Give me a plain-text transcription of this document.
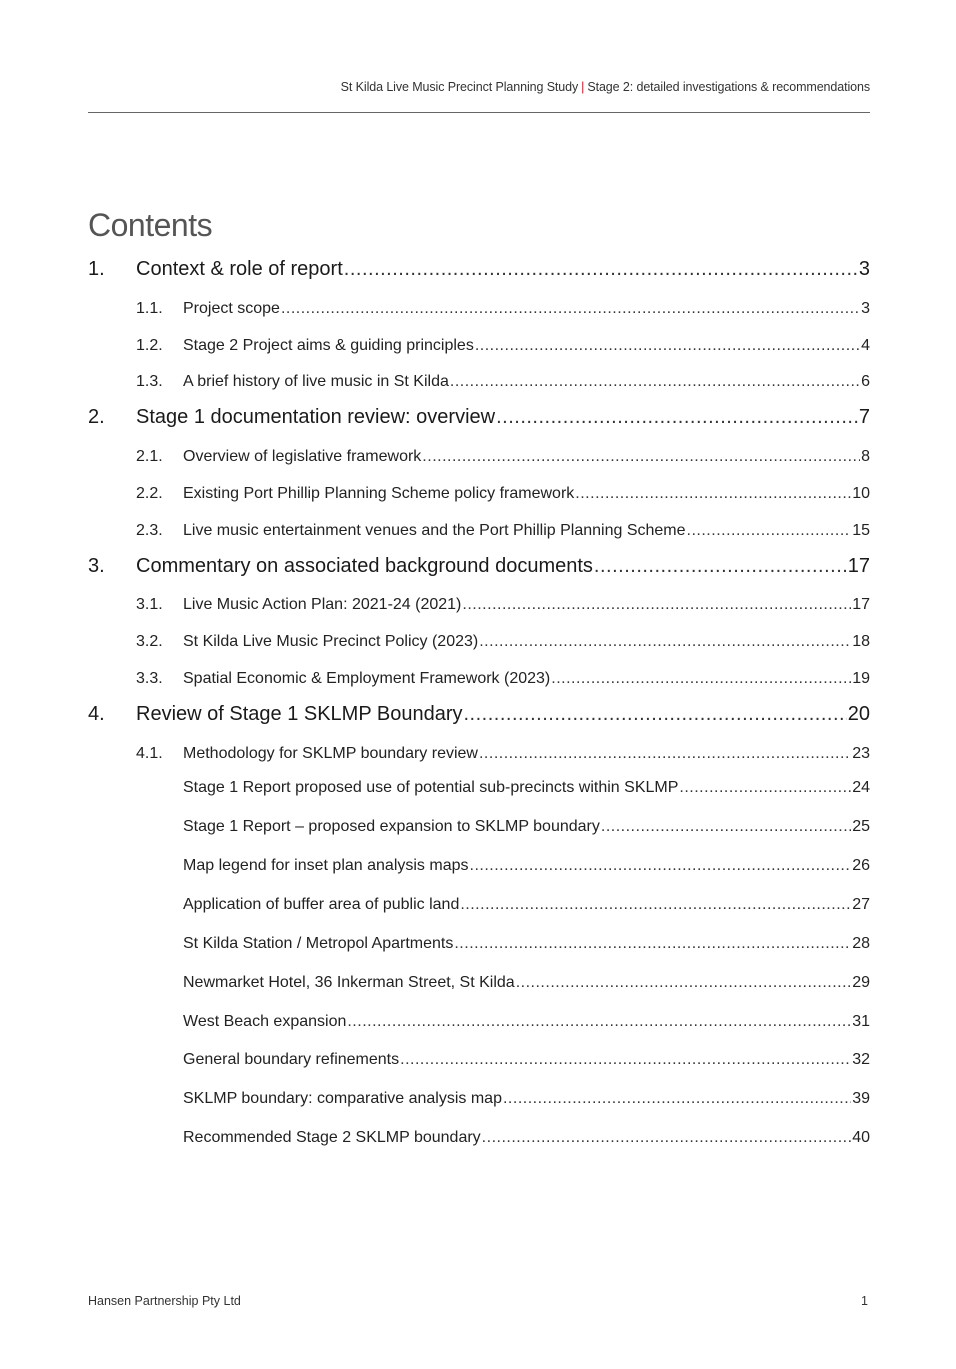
St Kilda Live Music Precinct Planning Study | Stage 2: detailed investigations & recommendations
Contents
1.	Context & role of report .....	3
1.1.	Project scope .....	3
1.2.	Stage 2 Project aims & guiding principles .....	4
1.3.	A brief history of live music in St Kilda .....	6
2.	Stage 1 documentation review: overview .....	7
2.1.	Overview of legislative framework .....	8
2.2.	Existing Port Phillip Planning Scheme policy framework .....	10
2.3.	Live music entertainment venues and the Port Phillip Planning Scheme .....	15
3.	Commentary on associated background documents .....	17
3.1.	Live Music Action Plan: 2021-24 (2021) .....	17
3.2.	St Kilda Live Music Precinct Policy (2023) .....	18
3.3.	Spatial Economic & Employment Framework (2023) .....	19
4.	Review of Stage 1 SKLMP Boundary .....	20
4.1.	Methodology for SKLMP boundary review .....	23
Stage 1 Report proposed use of potential sub-precincts within SKLMP .....	24
Stage 1 Report – proposed expansion to SKLMP boundary .....	25
Map legend for inset plan analysis maps .....	26
Application of buffer area of public land .....	27
St Kilda Station / Metropol Apartments .....	28
Newmarket Hotel, 36 Inkerman Street, St Kilda .....	29
West Beach expansion .....	31
General boundary refinements .....	32
SKLMP boundary: comparative analysis map .....	39
Recommended Stage 2 SKLMP boundary .....	40
Hansen Partnership Pty Ltd	1
